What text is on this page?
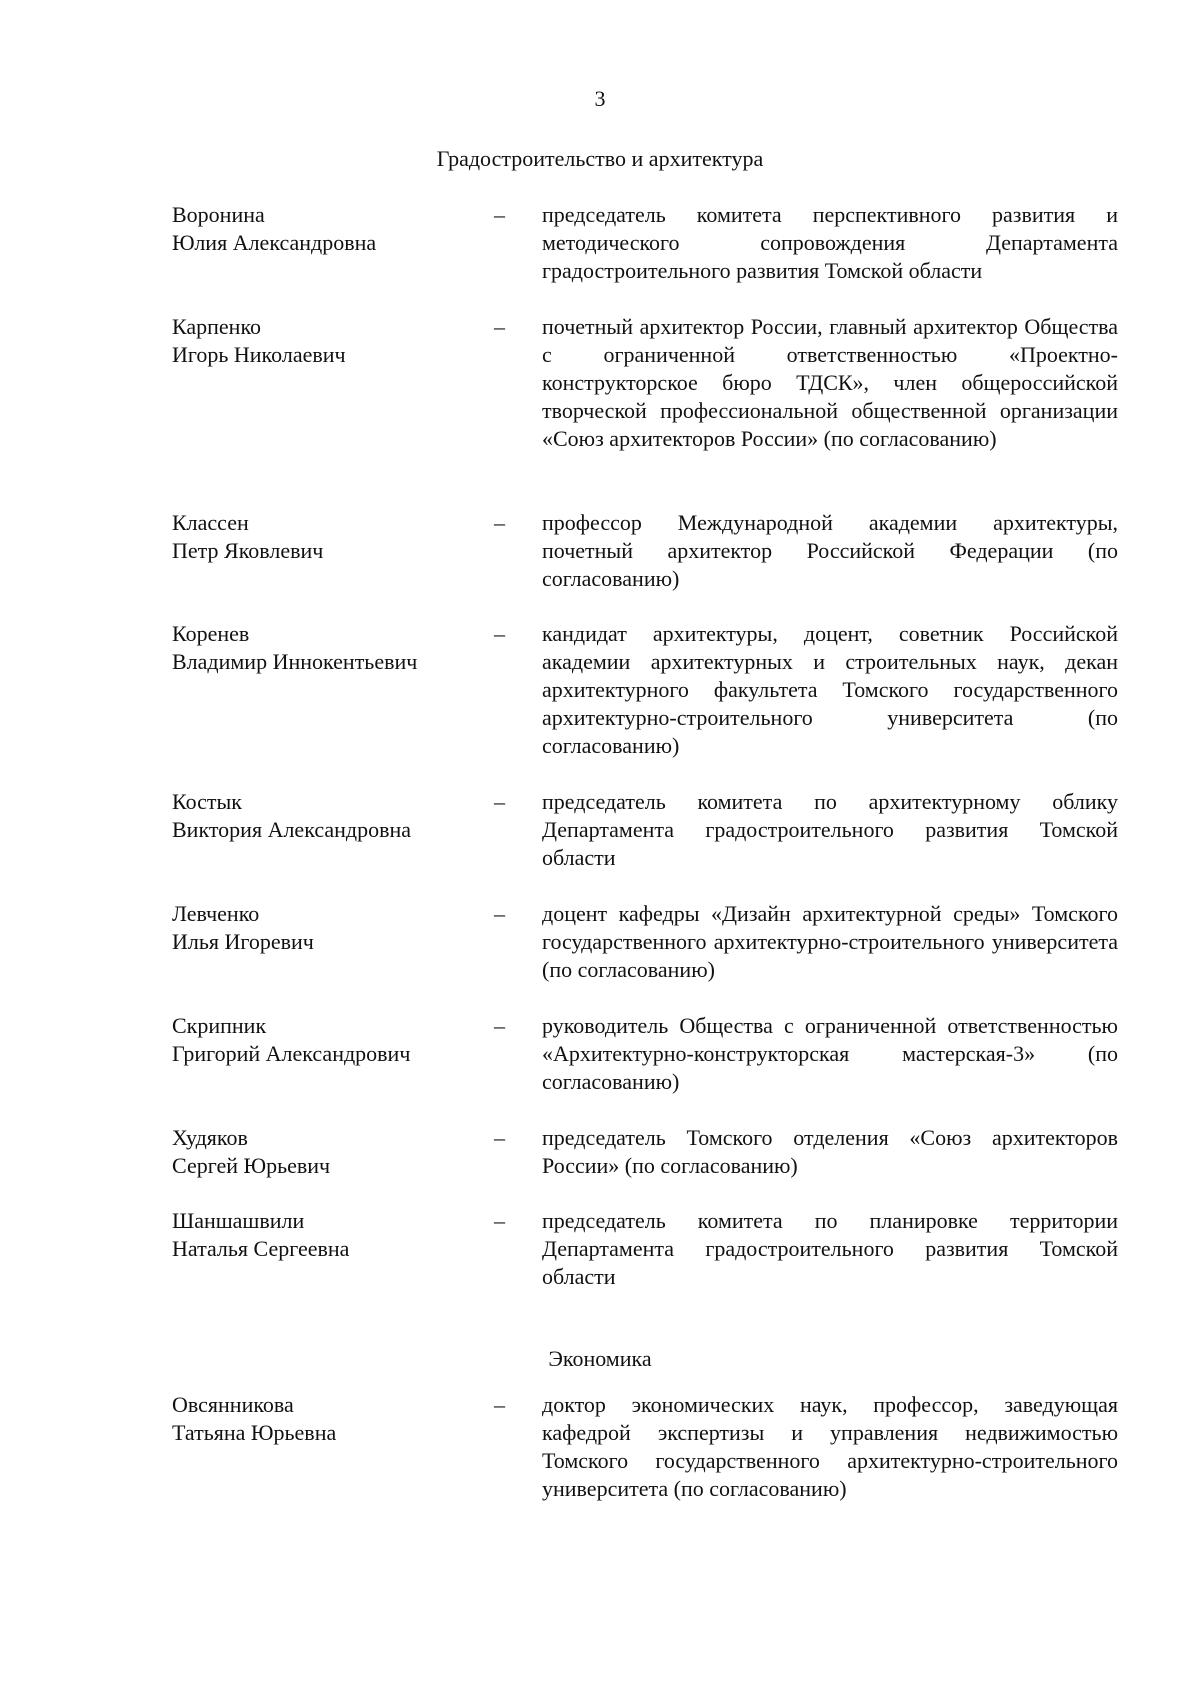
3
Градостроительство и архитектура
Воронина
Юлия Александровна
– председатель комитета перспективного развития и методического сопровождения Департамента градостроительного развития Томской области
Карпенко
Игорь Николаевич
– почетный архитектор России, главный архитектор Общества с ограниченной ответственностью «Проектно-конструкторское бюро ТДСК», член общероссийской творческой профессиональной общественной организации «Союз архитекторов России» (по согласованию)
Классен
Петр Яковлевич
– профессор Международной академии архитектуры, почетный архитектор Российской Федерации (по согласованию)
Коренев
Владимир Иннокентьевич
– кандидат архитектуры, доцент, советник Российской академии архитектурных и строительных наук, декан архитектурного факультета Томского государственного архитектурно-строительного университета (по согласованию)
Костык
Виктория Александровна
– председатель комитета по архитектурному облику Департамента градостроительного развития Томской области
Левченко
Илья Игоревич
– доцент кафедры «Дизайн архитектурной среды» Томского государственного архитектурно-строительного университета (по согласованию)
Скрипник
Григорий Александрович
– руководитель Общества с ограниченной ответственностью «Архитектурно-конструкторская мастерская-3» (по согласованию)
Худяков
Сергей Юрьевич
– председатель Томского отделения «Союз архитекторов России» (по согласованию)
Шаншашвили
Наталья Сергеевна
– председатель комитета по планировке территории Департамента градостроительного развития Томской области
Экономика
Овсянникова
Татьяна Юрьевна
– доктор экономических наук, профессор, заведующая кафедрой экспертизы и управления недвижимостью Томского государственного архитектурно-строительного университета (по согласованию)
